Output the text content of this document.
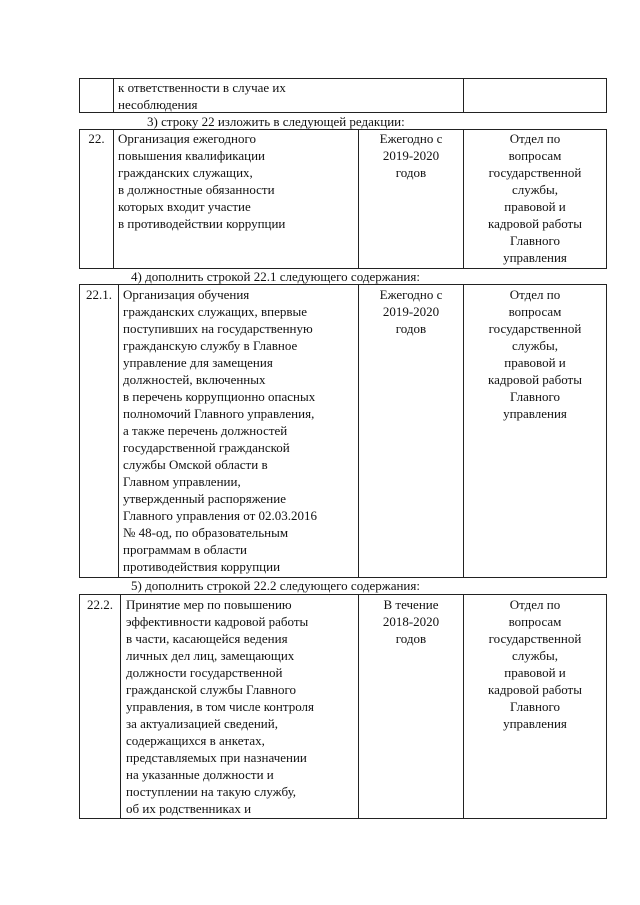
к ответственности в случае их
несоблюдения
3) строку 22 изложить в следующей редакции:
22.	Организация ежегодного
повышения квалификации
гражданских служащих,
в должностные обязанности
которых входит участие
в противодействии коррупции
Ежегодно с
2019-2020
годов
Отдел по
вопросам
государственной
службы,
правовой и
кадровой работы
Главного
управления
4) дополнить строкой 22.1 следующего содержания:
22.1. Организация обучения
гражданских служащих, впервые
поступивших на государственную
гражданскую службу в Главное
управление для замещения
должностей, включенных
в перечень коррупционно опасных
полномочий Главного управления,
а также перечень должностей
государственной гражданской
службы Омской области в
Главном управлении,
утвержденный распоряжение
Главного управления от 02.03.2016
№ 48-од, по образовательным
программам в области
противодействия коррупции
Ежегодно с
2019-2020
годов
Отдел по
вопросам
государственной
службы,
правовой и
кадровой работы
Главного
управления
5) дополнить строкой 22.2 следующего содержания:
22.2.	Принятие мер по повышению
эффективности кадровой работы
в части, касающейся ведения
личных дел лиц, замещающих
должности государственной
гражданской службы Главного
управления, в том числе контроля
за актуализацией сведений,
содержащихся в анкетах,
представляемых при назначении
на указанные должности и
поступлении на такую службу,
об их родственниках и
В течение
2018-2020
годов
Отдел по
вопросам
государственной
службы,
правовой и
кадровой работы
Главного
управления
